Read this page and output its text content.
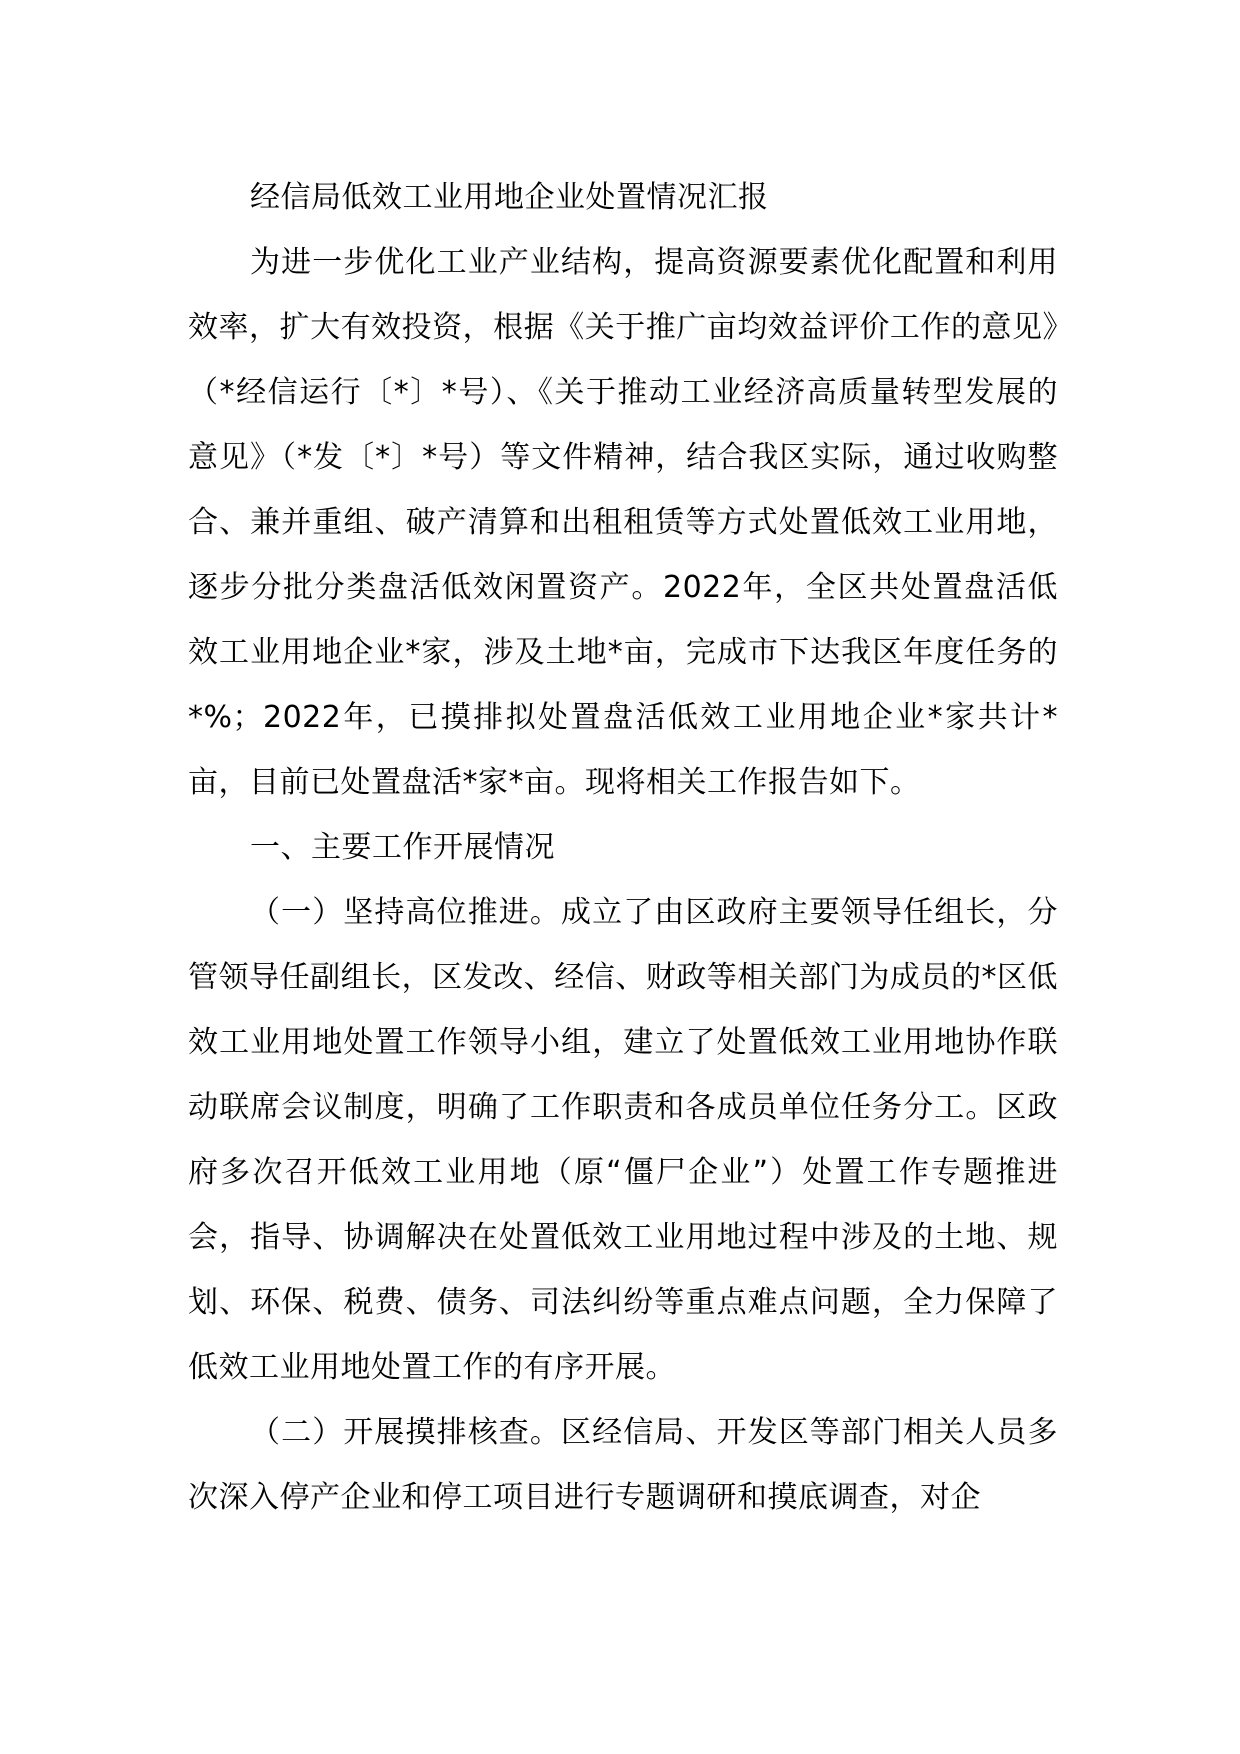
经信局低效工业用地企业处置情况汇报

为进一步优化工业产业结构，提高资源要素优化配置和利用效率，扩大有效投资，根据《关于推广亩均效益评价工作的意见》（*经信运行〔*〕*号）、《关于推动工业经济高质量转型发展的意见》（*发〔*〕*号）等文件精神，结合我区实际，通过收购整合、兼并重组、破产清算和出租租赁等方式处置低效工业用地，逐步分批分类盘活低效闲置资产。2022年，全区共处置盘活低效工业用地企业*家，涉及土地*亩，完成市下达我区年度任务的*%；2022年，已摸排拟处置盘活低效工业用地企业*家共计*亩，目前已处置盘活*家*亩。现将相关工作报告如下。

一、主要工作开展情况

（一）坚持高位推进。成立了由区政府主要领导任组长，分管领导任副组长，区发改、经信、财政等相关部门为成员的*区低效工业用地处置工作领导小组，建立了处置低效工业用地协作联动联席会议制度，明确了工作职责和各成员单位任务分工。区政府多次召开低效工业用地（原“僵尸企业”）处置工作专题推进会，指导、协调解决在处置低效工业用地过程中涉及的土地、规划、环保、税费、债务、司法纠纷等重点难点问题，全力保障了低效工业用地处置工作的有序开展。

（二）开展摸排核查。区经信局、开发区等部门相关人员多次深入停产企业和停工项目进行专题调研和摸底调查，对企
